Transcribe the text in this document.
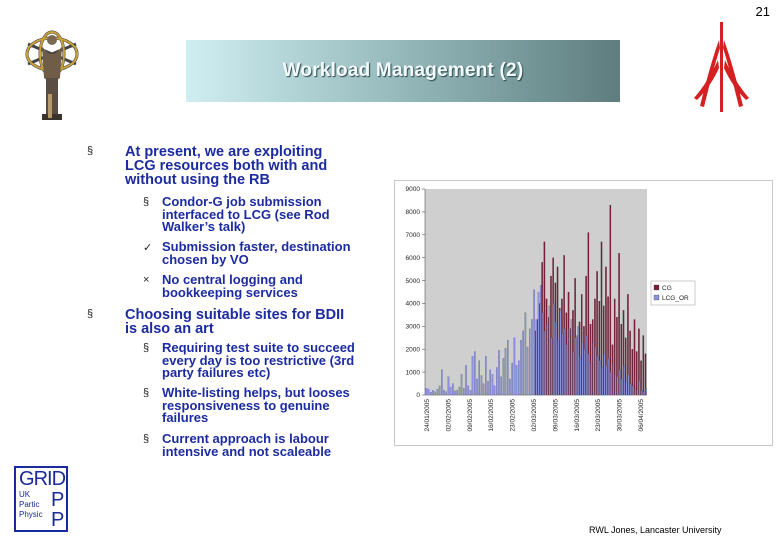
21
Workload Management (2)
§ At present, we are exploiting
LCG resources both with and
without using the RB
§ Condor-G job submission
interfaced to LCG (see Rod
Walker’s talk)
✓ Submission faster, destination
chosen by VO
× No central logging and
bookkeeping services
§ Choosing suitable sites for BDII
is also an art
§ Requiring test suite to succeed
every day is too restrictive (3rd
party failures etc)
§ White-listing helps, but looses
responsiveness to genuine
failures
§ Current approach is labour
intensive and not scaleable
0
1000
2000
3000
4000
5000
6000
7000
8000
9000
24/01/2005 02/02/2005 09/02/2005 16/02/2005 23/02/2005 02/03/2005 09/03/2005 16/03/2005 23/03/2005 30/03/2005 06/04/2005
CG
LCG_OR
GRID
P
P
UK
Partic
Physic
RWL Jones, Lancaster University
